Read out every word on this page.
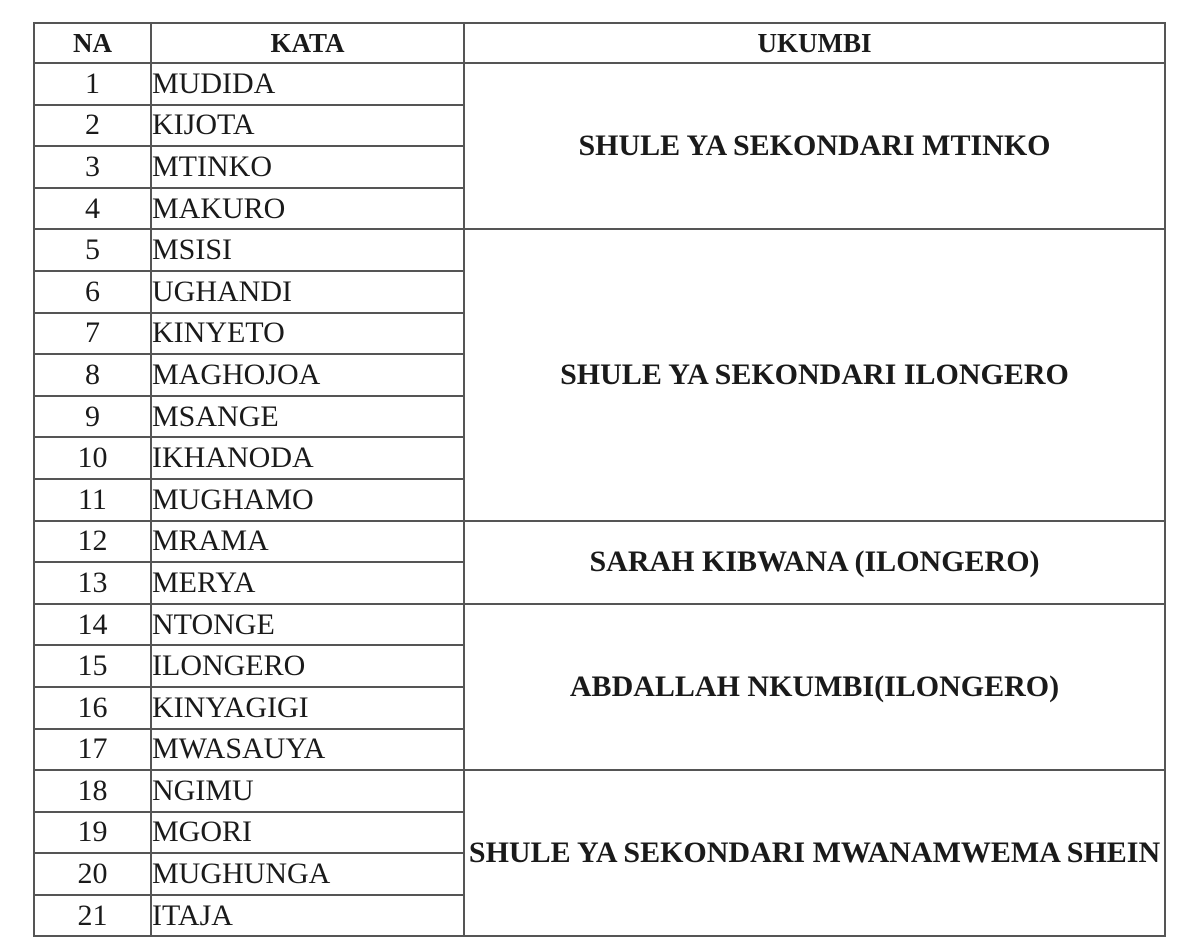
NA	KATA	UKUMBI
1	MUDIDA	SHULE YA SEKONDARI MTINKO
2	KIJOTA	
3	MTINKO	
4	MAKURO	
5	MSISI	SHULE YA SEKONDARI ILONGERO
6	UGHANDI	
7	KINYETO	
8	MAGHOJOA	
9	MSANGE	
10	IKHANODA	
11	MUGHAMO	
12	MRAMA	SARAH KIBWANA (ILONGERO)
13	MERYA	
14	NTONGE	ABDALLAH NKUMBI(ILONGERO)
15	ILONGERO	
16	KINYAGIGI	
17	MWASAUYA	
18	NGIMU	SHULE YA SEKONDARI MWANAMWEMA SHEIN
19	MGORI	
20	MUGHUNGA	
21	ITAJA	
